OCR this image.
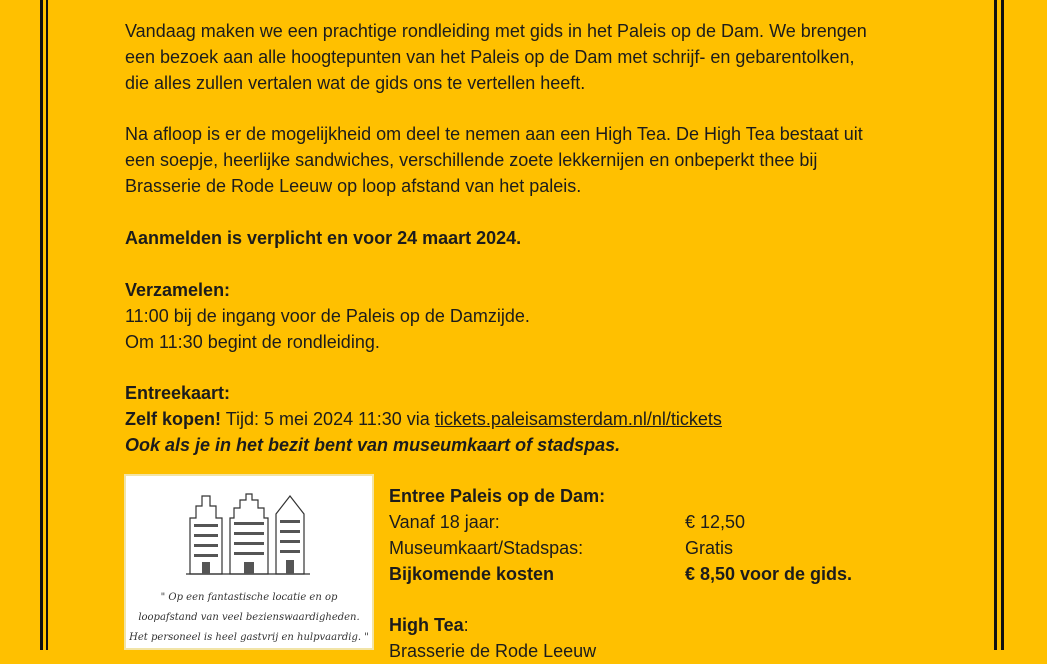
Vandaag maken we een prachtige rondleiding met gids in het Paleis op de Dam. We brengen

een bezoek aan alle hoogtepunten van het Paleis op de Dam met schrijf- en gebarentolken,

die alles zullen vertalen wat de gids ons te vertellen heeft.

Na afloop is er de mogelijkheid om deel te nemen aan een High Tea. De High Tea bestaat uit

een soepje, heerlijke sandwiches, verschillende zoete lekkernijen en onbeperkt thee bij

Brasserie de Rode Leeuw op loop afstand van het paleis.

Aanmelden is verplicht en voor 24 maart 2024.

Verzamelen:

11:00 bij de ingang voor de Paleis op de Damzijde.

Om 11:30 begint de rondleiding.

Entreekaart:

Zelf kopen! Tijd: 5 mei 2024 11:30 via tickets.paleisamsterdam.nl/nl/tickets

Ook als je in het bezit bent van museumkaart of stadspas.

" Op een fantastische locatie en op
loopafstand van veel bezienswaardigheden.
Het personeel is heel gastvrij en hulpvaardig. "
Entree Paleis op de Dam:
Vanaf 18 jaar:	€ 12,50
Museumkaart/Stadspas:	Gratis
Bijkomende kosten	€ 8,50 voor de gids.
High Tea:
Brasserie de Rode Leeuw
